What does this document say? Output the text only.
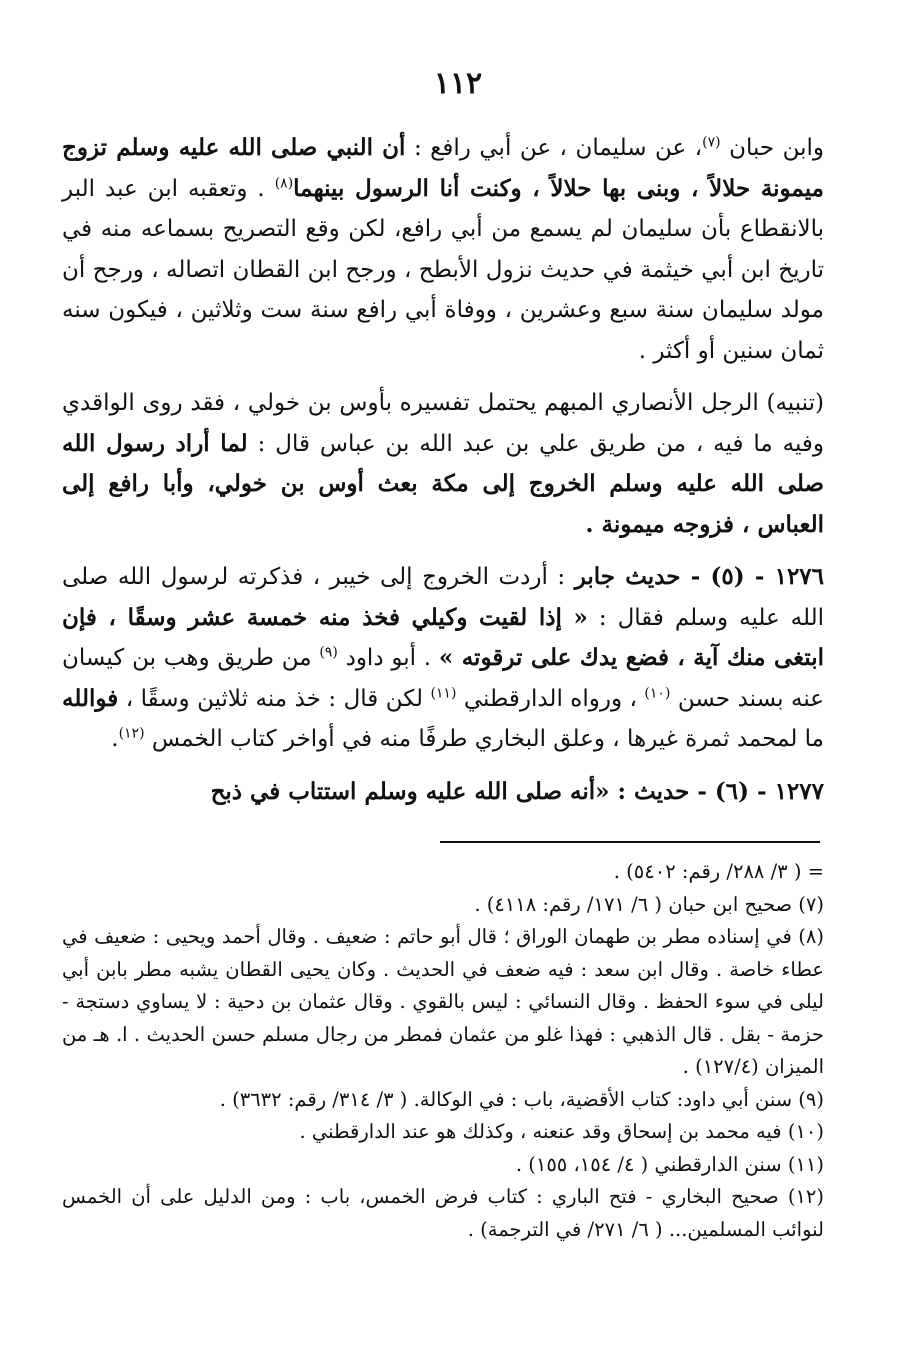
١١٢

وابن حبان $^{(٧)}$، عن سليمان ، عن أبي رافع : أن النبي صلى الله عليه وسلم تزوج ميمونة حلالاً ، وبنى بها حلالاً ، وكنت أنا الرسول بينهما$^{(٨)}$ . وتعقبه ابن عبد البر بالانقطاع بأن سليمان لم يسمع من أبي رافع، لكن وقع التصريح بسماعه منه في تاريخ ابن أبي خيثمة في حديث نزول الأبطح ، ورجح ابن القطان اتصاله ، ورجح أن مولد سليمان سنة سبع وعشرين ، ووفاة أبي رافع سنة ست وثلاثين ، فيكون سنه ثمان سنين أو أكثر .

(تنبيه) الرجل الأنصاري المبهم يحتمل تفسيره بأوس بن خولي ، فقد روى الواقدي وفيه ما فيه ، من طريق علي بن عبد الله بن عباس قال : لما أراد رسول الله صلى الله عليه وسلم الخروج إلى مكة بعث أوس بن خولي، وأبا رافع إلى العباس ، فزوجه ميمونة .

١٢٧٦ - (٥) - حديث جابر : أردت الخروج إلى خيبر ، فذكرته لرسول الله صلى الله عليه وسلم فقال : « إذا لقيت وكيلي فخذ منه خمسة عشر وسقًا ، فإن ابتغى منك آية ، فضع يدك على ترقوته » . أبو داود $^{(٩)}$ من طريق وهب بن كيسان عنه بسند حسن $^{(١٠)}$ ، ورواه الدارقطني $^{(١١)}$ لكن قال : خذ منه ثلاثين وسقًا ، فوالله ما لمحمد ثمرة غيرها ، وعلق البخاري طرفًا منه في أواخر كتاب الخمس $^{(١٢)}$.

١٢٧٧ - (٦) - حديث : «أنه صلى الله عليه وسلم استتاب في ذبح

= ( ٣/ ٢٨٨/ رقم: ٥٤٠٢) .

(٧) صحيح ابن حبان ( ٦/ ١٧١/ رقم: ٤١١٨) .

(٨) في إسناده مطر بن طهمان الوراق ؛ قال أبو حاتم : ضعيف . وقال أحمد ويحيى : ضعيف في عطاء خاصة . وقال ابن سعد : فيه ضعف في الحديث . وكان يحيى القطان يشبه مطر بابن أبي ليلى في سوء الحفظ . وقال النسائي : ليس بالقوي . وقال عثمان بن دحية : لا يساوي دستجة - حزمة - بقل . قال الذهبي : فهذا غلو من عثمان فمطر من رجال مسلم حسن الحديث . ا. هـ من الميزان (١٢٧/٤) .

(٩) سنن أبي داود: كتاب الأقضية، باب : في الوكالة. ( ٣/ ٣١٤/ رقم: ٣٦٣٢) .

(١٠) فيه محمد بن إسحاق وقد عنعنه ، وكذلك هو عند الدارقطني .

(١١) سنن الدارقطني ( ٤/ ١٥٤، ١٥٥) .

(١٢) صحيح البخاري - فتح الباري : كتاب فرض الخمس، باب : ومن الدليل على أن الخمس لنوائب المسلمين... ( ٦/ ٢٧١/ في الترجمة) .
